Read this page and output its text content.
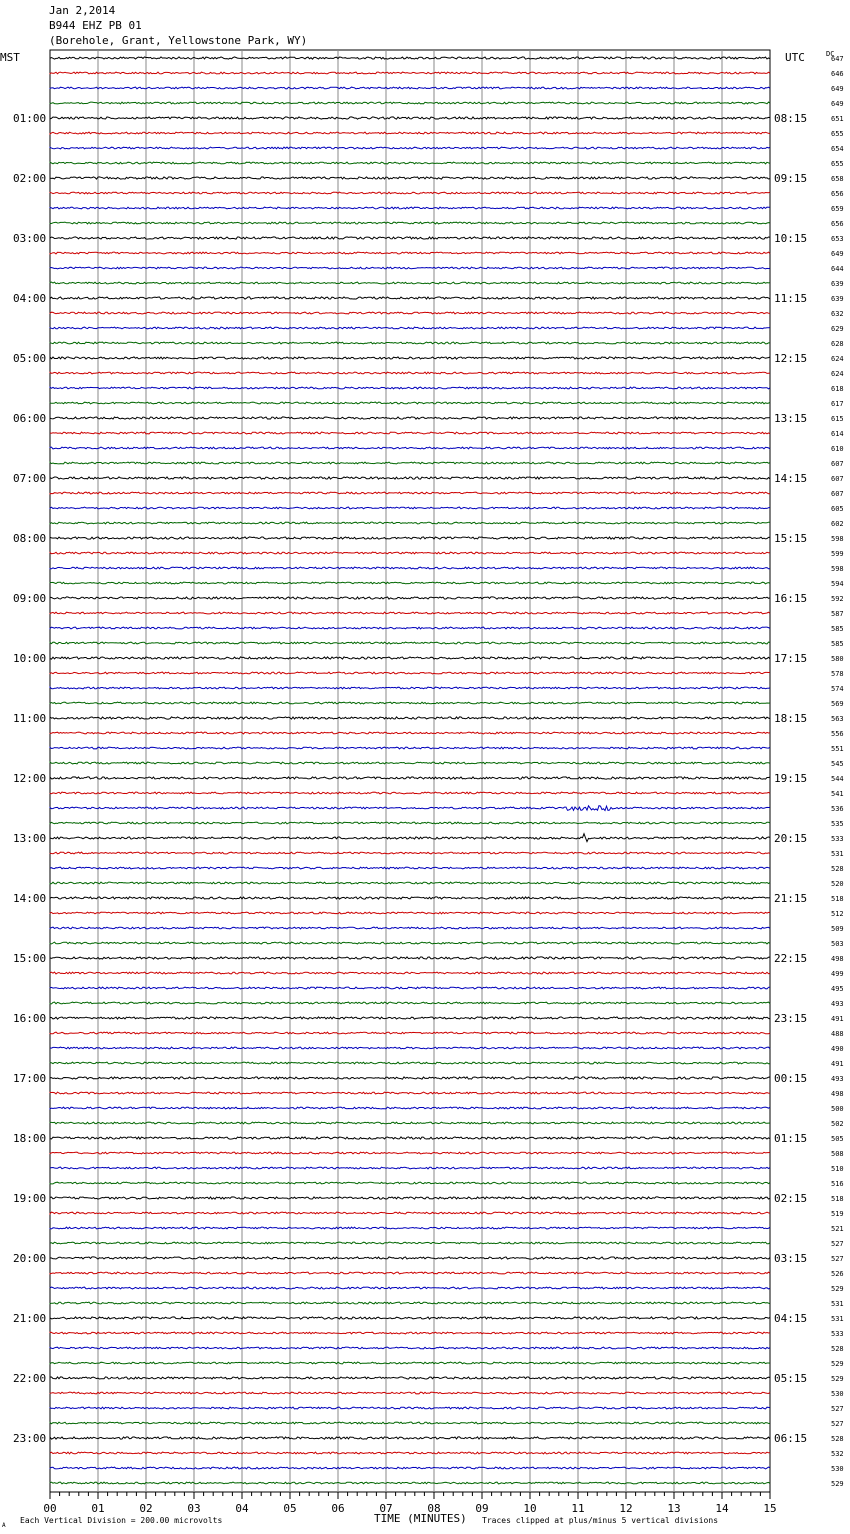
Jan 2,2014
B944 EHZ PB 01
(Borehole, Grant, Yellowstone Park, WY)
MST	UTC	DC
TIME (MINUTES)
Each Vertical Division = 200.00 microvolts	Traces clipped at plus/minus 5 vertical divisions
A
00	01	02	03	04	05	06	07	08	09	10	11	12	13	14	15
647
646
649
649
651
655
654
655
658
656
659
656
653
649
644
639
639
632
629
628
624
624
618
617
615
614
610
607
607
607
605
602
598
599
598
594
592
587
585
585
580
578
574
569
563
556
551
545
544
541
536
535
533
531
528
520
518
512
509
503
498
499
495
493
491
488
490
491
493
498
500
502
505
508
510
516
518
519
521
527
527
526
529
531
531
533
528
529
529
530
527
527
528
532
530
529
01:00	08:15
02:00	09:15
03:00	10:15
04:00	11:15
05:00	12:15
06:00	13:15
07:00	14:15
08:00	15:15
09:00	16:15
10:00	17:15
11:00	18:15
12:00	19:15
13:00	20:15
14:00	21:15
15:00	22:15
16:00	23:15
17:00	00:15
18:00	01:15
19:00	02:15
20:00	03:15
21:00	04:15
22:00	05:15
23:00	06:15
